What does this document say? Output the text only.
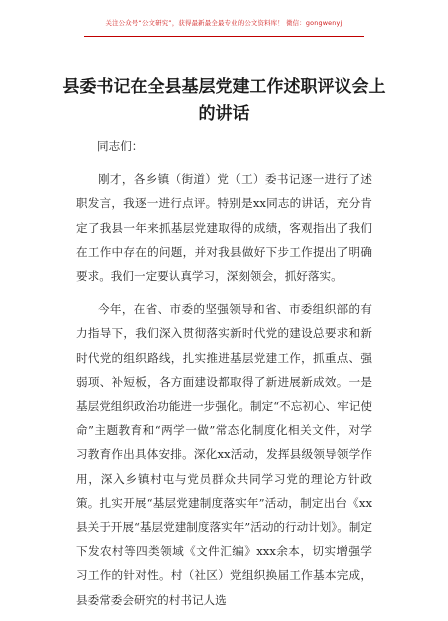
关注公众号“公文研究”，获得最新最全最专业的公文资料库！ 微信：gongwenyj
县委书记在全县基层党建工作述职评议会上的讲话

同志们：

刚才，各乡镇（街道）党（工）委书记逐一进行了述职发言，我逐一进行点评。特别是xx同志的讲话，充分肯定了我县一年来抓基层党建取得的成绩，客观指出了我们在工作中存在的问题，并对我县做好下步工作提出了明确要求。我们一定要认真学习，深刻领会，抓好落实。

今年，在省、市委的坚强领导和省、市委组织部的有力指导下，我们深入贯彻落实新时代党的建设总要求和新时代党的组织路线，扎实推进基层党建工作，抓重点、强弱项、补短板，各方面建设都取得了新进展新成效。一是基层党组织政治功能进一步强化。制定“不忘初心、牢记使命”主题教育和“两学一做”常态化制度化相关文件，对学习教育作出具体安排。深化xx活动，发挥县级领导领学作用，深入乡镇村屯与党员群众共同学习党的理论方针政策。扎实开展“基层党建制度落实年”活动，制定出台《xx县关于开展“基层党建制度落实年”活动的行动计划》。制定下发农村等四类领域《文件汇编》xxx余本，切实增强学习工作的针对性。村（社区）党组织换届工作基本完成，县委常委会研究的村书记人选
